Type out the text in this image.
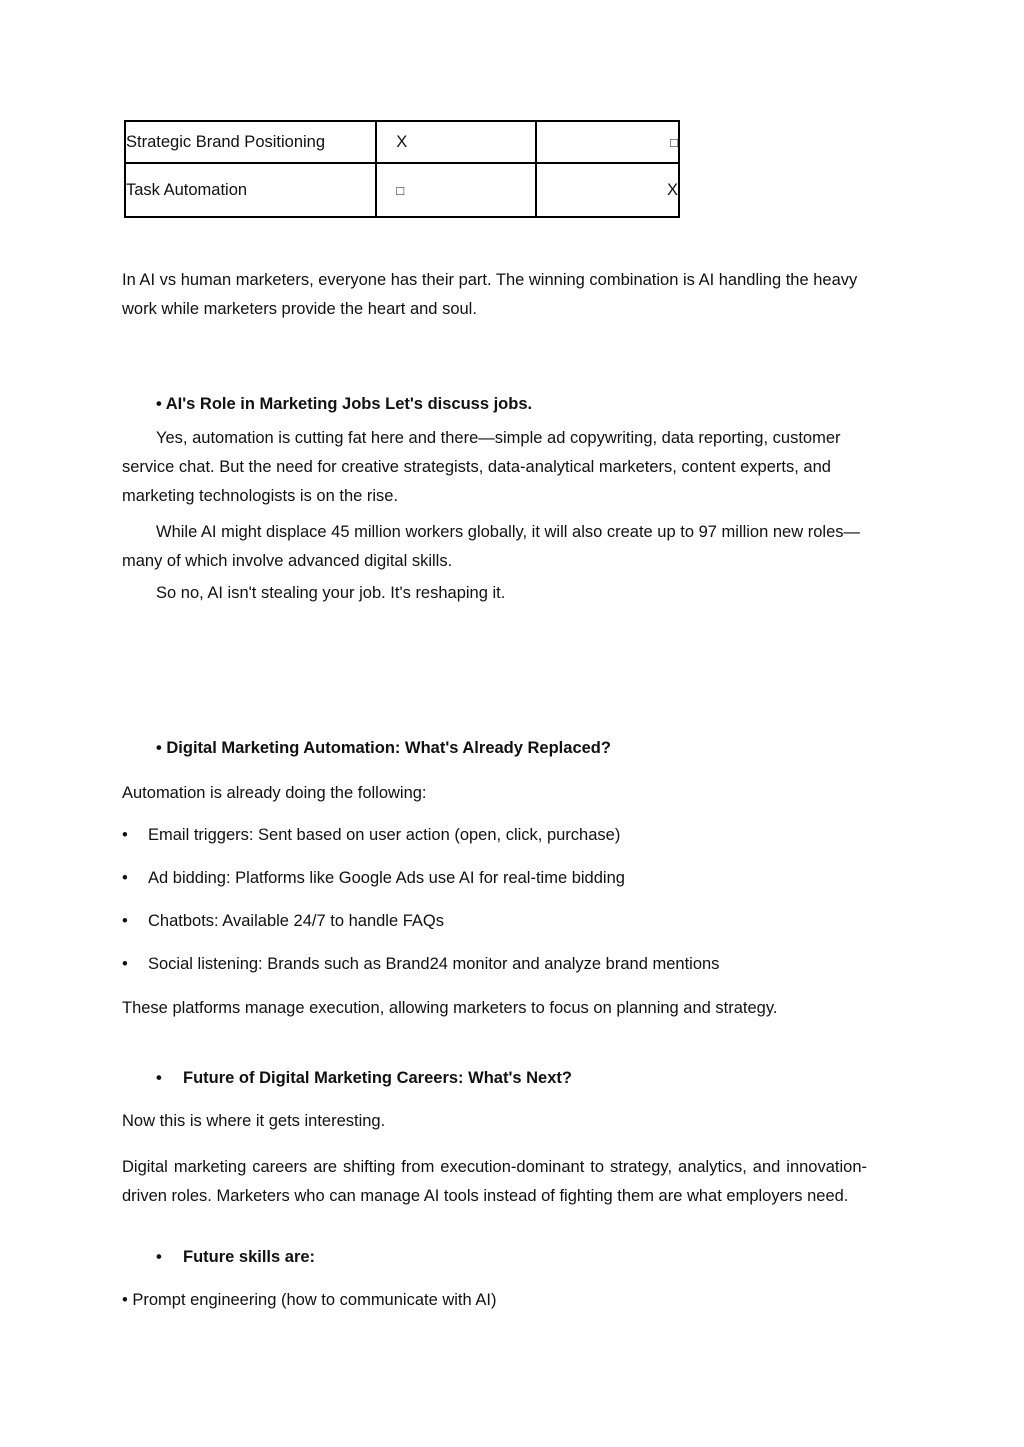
Strategic Brand Positioning	X	□
Task Automation	□	X
In AI vs human marketers, everyone has their part. The winning combination is AI handling the heavy work while marketers provide the heart and soul.
• AI's Role in Marketing Jobs Let's discuss jobs.
Yes, automation is cutting fat here and there—simple ad copywriting, data reporting, customer service chat. But the need for creative strategists, data-analytical marketers, content experts, and marketing technologists is on the rise.
While AI might displace 45 million workers globally, it will also create up to 97 million new roles—many of which involve advanced digital skills.
So no, AI isn't stealing your job. It's reshaping it.
• Digital Marketing Automation: What's Already Replaced?
Automation is already doing the following:
• Email triggers: Sent based on user action (open, click, purchase)
• Ad bidding: Platforms like Google Ads use AI for real-time bidding
• Chatbots: Available 24/7 to handle FAQs
• Social listening: Brands such as Brand24 monitor and analyze brand mentions
These platforms manage execution, allowing marketers to focus on planning and strategy.
• Future of Digital Marketing Careers: What's Next?
Now this is where it gets interesting.
Digital marketing careers are shifting from execution-dominant to strategy, analytics, and innovation-driven roles. Marketers who can manage AI tools instead of fighting them are what employers need.
• Future skills are:
• Prompt engineering (how to communicate with AI)
